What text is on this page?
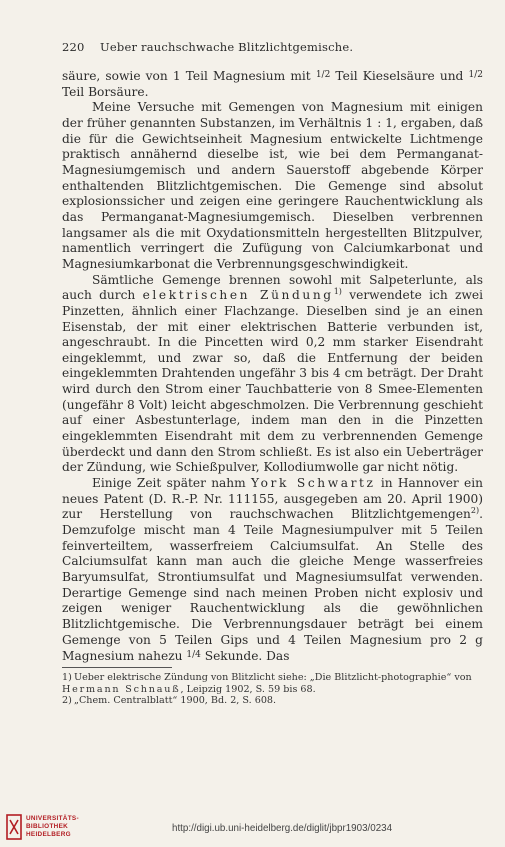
220 Ueber rauchschwache Blitzlichtgemische.

säure, sowie von 1 Teil Magnesium mit $^{1/2}$ Teil Kieselsäure und $^{1/2}$ Teil Borsäure.

Meine Versuche mit Gemengen von Magnesium mit einigen der früher genannten Substanzen, im Verhältnis 1 : 1, ergaben, daß die für die Gewichtseinheit Magnesium entwickelte Lichtmenge praktisch annähernd dieselbe ist, wie bei dem Permanganat-Magnesiumgemisch und andern Sauerstoff abgebende Körper enthaltenden Blitzlichtgemischen. Die Gemenge sind absolut explosionssicher und zeigen eine geringere Rauchentwicklung als das Permanganat-Magnesiumgemisch. Dieselben verbrennen langsamer als die mit Oxydationsmitteln hergestellten Blitzpulver, namentlich verringert die Zufügung von Calciumkarbonat und Magnesiumkarbonat die Verbrennungsgeschwindigkeit.

Sämtliche Gemenge brennen sowohl mit Salpeterlunte, als auch durch elektrischen Zündung$^{1)}$ verwendete ich zwei Pinzetten, ähnlich einer Flachzange. Dieselben sind je an einen Eisenstab, der mit einer elektrischen Batterie verbunden ist, angeschraubt. In die Pincetten wird 0,2 mm starker Eisendraht eingeklemmt, und zwar so, daß die Entfernung der beiden eingeklemmten Drahtenden ungefähr 3 bis 4 cm beträgt. Der Draht wird durch den Strom einer Tauchbatterie von 8 Smee-Elementen (ungefähr 8 Volt) leicht abgeschmolzen. Die Verbrennung geschieht auf einer Asbestunterlage, indem man den in die Pinzetten eingeklemmten Eisendraht mit dem zu verbrennenden Gemenge überdeckt und dann den Strom schließt. Es ist also ein Ueberträger der Zündung, wie Schießpulver, Kollodiumwolle gar nicht nötig.

Einige Zeit später nahm York Schwartz in Hannover ein neues Patent (D. R.-P. Nr. 111155, ausgegeben am 20. April 1900) zur Herstellung von rauchschwachen Blitzlichtgemengen$^{2)}$. Demzufolge mischt man 4 Teile Magnesiumpulver mit 5 Teilen feinverteiltem, wasserfreiem Calciumsulfat. An Stelle des Calciumsulfat kann man auch die gleiche Menge wasserfreies Baryumsulfat, Strontiumsulfat und Magnesiumsulfat verwenden. Derartige Gemenge sind nach meinen Proben nicht explosiv und zeigen weniger Rauchentwicklung als die gewöhnlichen Blitzlichtgemische. Die Verbrennungsdauer beträgt bei einem Gemenge von 5 Teilen Gips und 4 Teilen Magnesium pro 2 g Magnesium nahezu $^{1/4}$ Sekunde. Das

1) Ueber elektrische Zündung von Blitzlicht siehe: „Die Blitzlicht-photographie“ von Hermann Schnauß, Leipzig 1902, S. 59 bis 68.

2) „Chem. Centralblatt“ 1900, Bd. 2, S. 608.

UNIVERSITÄTS-
BIBLIOTHEK
HEIDELBERG
http://digi.ub.uni-heidelberg.de/diglit/jbpr1903/0234
